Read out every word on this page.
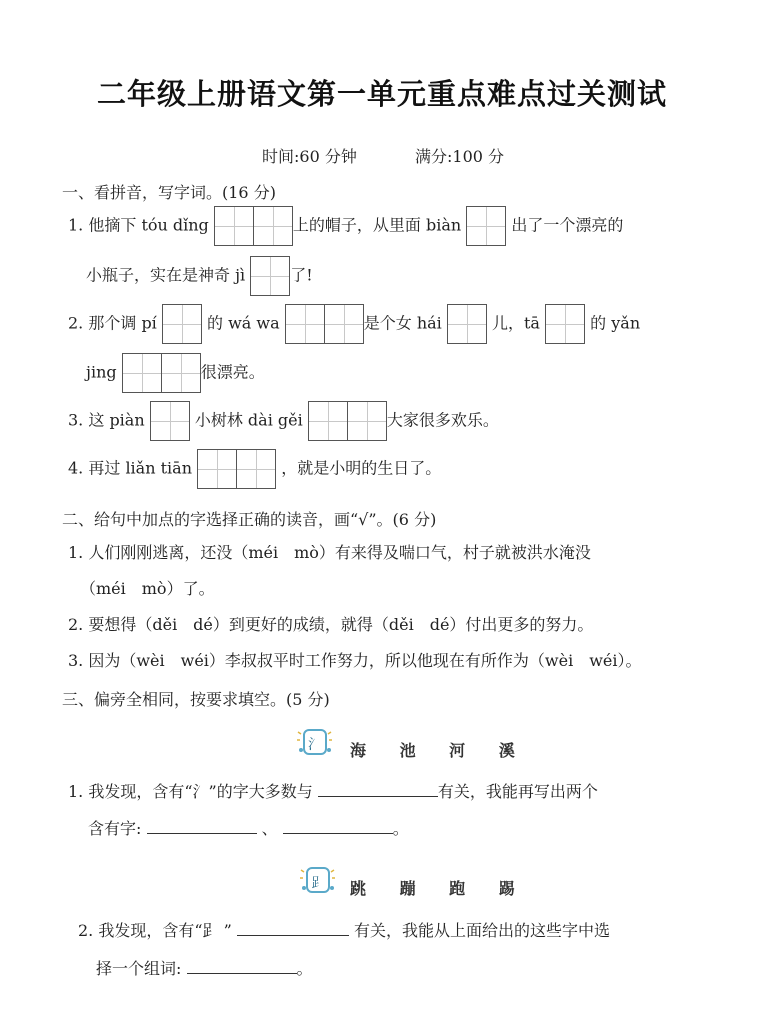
二年级上册语文第一单元重点难点过关测试
时间:60 分钟	满分:100 分
一、看拼音，写字词。(16 分)
1. 他摘下 tóu dǐng	上的帽子，从里面 biàn	出了一个漂亮的
小瓶子，实在是神奇 jì	了!
2. 那个调 pí	的 wá wa	是个女 hái	儿，tā	的 yǎn
jing	很漂亮。
3. 这 piàn	小树林 dài gěi	大家很多欢乐。
4. 再过 liǎn tiān	，就是小明的生日了。
二、给句中加点的字选择正确的读音，画“√”。(6 分)
1. 人们刚刚逃离，还没（méi　mò）有来得及喘口气，村子就被洪水淹没
（méi　mò）了。
2. 要想得（děi　dé）到更好的成绩，就得（děi　dé）付出更多的努力。
3. 因为（wèi　wéi）李叔叔平时工作努力，所以他现在有所作为（wèi　wéi）。
三、偏旁全相同，按要求填空。(5 分)
氵 海 池 河 溪
1. 我发现，含有“氵”的字大多数与	有关，我能再写出两个
含有字:	、	。
𧾷 跳 蹦 跑 踢
2. 我发现，含有“𧾷 ”	有关，我能从上面给出的这些字中选
择一个组词:	。
